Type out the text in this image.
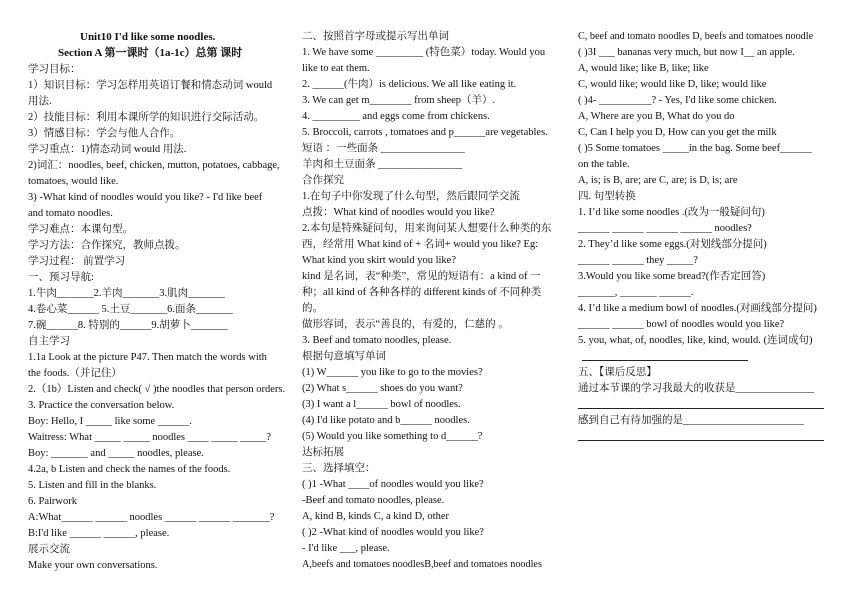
Unit10 I'd like some noodles.
Section A 第一课时（1a-1c）总第 课时
学习目标：
1）知识目标：学习怎样用英语订餐和情态动词 would
用法.
2）技能目标：利用本课所学的知识进行交际活动。
3）情感目标：学会与他人合作。
学习重点：1)情态动词 would 用法.
2)词汇：noodles, beef, chicken, mutton, potatoes, cabbage,
tomatoes, would like.
3) -What kind of noodles would you like? - I'd like beef
and tomato noodles.
学习难点：本课句型。
学习方法：合作探究，教师点拨。
学习过程： 前置学习
一、预习导航:
1.牛肉_______2.羊肉_______3.肌肉_______
4.卷心菜______ 5.土豆_______6.面条_______
7.碗______8. 特别的______9.胡萝卜_______
自主学习
1.1a Look at the picture P47. Then match the words with
the foods.（并记住）
2.（1b）Listen and check( √ )the noodles that person orders.
3. Practice the conversation below.
Boy: Hello, I _____ like some ______.
Waitress: What _____ _____ noodles ____ _____ _____?
Boy: _______ and _____ noodles, please.
4.2a, b Listen and check the names of the foods.
5. Listen and fill in the blanks.
6. Pairwork
A:What______ ______ noodles ______ ______ _______?
B:I'd like ______ ______, please.
展示交流
Make your own conversations.
二、按照首字母或提示写出单词
1. We have some _________ (特色菜）today. Would you
like to eat them.
2. ______(牛肉）is delicious. We all like eating it.
3. We can get m________ from sheep（羊）.
4. _________ and eggs come from chickens.
5. Broccoli, carrots , tomatoes and p______are vegetables.
短语 ：一些面条 ________________
羊肉和土豆面条 ________________
合作探究
1.在句子中你发现了什么句型，然后跟同学交流
点拨：What kind of noodles would you like?
2.本句是特殊疑问句，用来询问某人想要什么种类的东
西，经常用 What kind of + 名词+ would you like? Eg:
What kind you skirt would you like?
kind 是名词，表“种类”，常见的短语有：a kind of 一
种；all kind of 各种各样的 different kinds of 不同种类
的。
做形容词，表示“善良的，有爱的，仁慈的 。
3. Beef and tomato noodles, please.
根据句意填写单词
(1) W______ you like to go to the movies?
(2) What s______ shoes do you want?
(3) I want a l______ bowl of noodles.
(4) I'd like potato and b______ noodles.
(5) Would you like something to d______?
达标拓展
三、选择填空：
( )1 -What ____of noodles would you like?
-Beef and tomato noodles, please.
A, kind B, kinds C, a kind D, other
( )2 -What kind of noodles would you like?
- I'd like ___, please.
A,beefs and tomatoes noodlesB,beef and tomatoes noodles
C, beef and tomato noodles D, beefs and tomatoes noodle
( )3I ___ bananas very much, but now I__ an apple.
A, would like; like B, like; like
C, would like; would like D, like; would like
( )4- __________? - Yes, I'd like some chicken.
A, Where are you B, What do you do
C, Can I help you D, How can you get the milk
( )5 Some tomatoes _____in the bag. Some beef______
on the table.
A, is; is B, are; are C, are; is D, is; are
四. 句型转换
1. I’d like some noodles .(改为一般疑问句)
______ ______ ______ ______ noodles?
2. They’d like some eggs.(对划线部分提问)
______ ______ they _____?
3.Would you like some bread?(作否定回答)
_______, _______ ______.
4. I’d like a medium bowl of noodles.(对画线部分提问)
______ ______ bowl of noodles would you like?
5. you, what, of, noodles, like, kind, would. (连词成句)
五、【课后反思】
通过本节课的学习我最大的收获是_______________
感到自己有待加强的是_______________________
